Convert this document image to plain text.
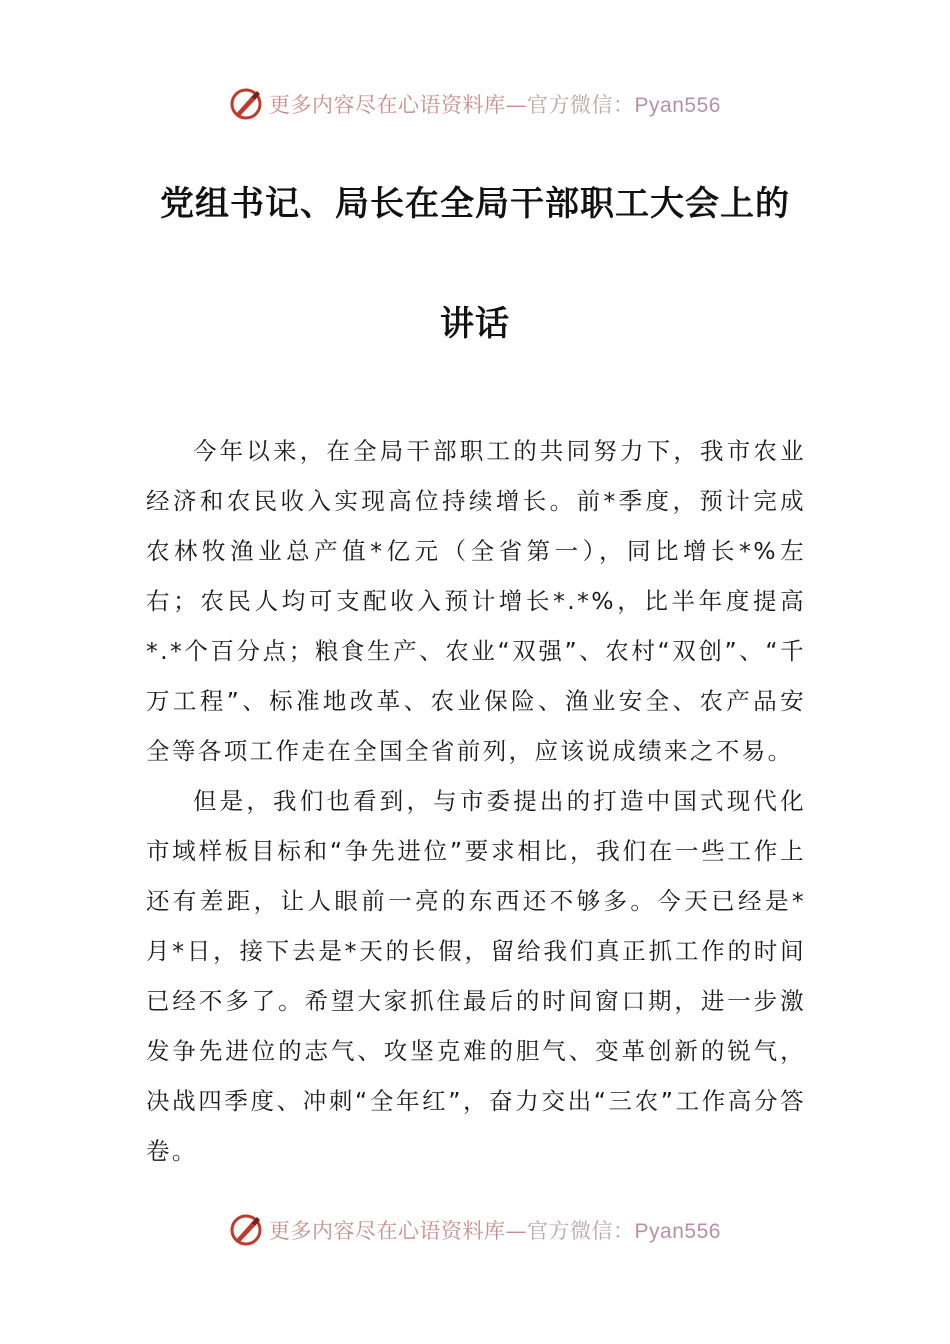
更多内容尽在心语资料库—官方微信：Pyan556
党组书记、局长在全局干部职工大会上的
讲话

今年以来，在全局干部职工的共同努力下，我市农业经济和农民收入实现高位持续增长。前*季度，预计完成农林牧渔业总产值*亿元（全省第一），同比增长*%左右；农民人均可支配收入预计增长*.*%，比半年度提高*.*个百分点；粮食生产、农业“双强”、农村“双创”、“千万工程”、标准地改革、农业保险、渔业安全、农产品安全等各项工作走在全国全省前列，应该说成绩来之不易。

但是，我们也看到，与市委提出的打造中国式现代化市域样板目标和“争先进位”要求相比，我们在一些工作上还有差距，让人眼前一亮的东西还不够多。今天已经是*月*日，接下去是*天的长假，留给我们真正抓工作的时间已经不多了。希望大家抓住最后的时间窗口期，进一步激发争先进位的志气、攻坚克难的胆气、变革创新的锐气，决战四季度、冲刺“全年红”，奋力交出“三农”工作高分答卷。

更多内容尽在心语资料库—官方微信：Pyan556
